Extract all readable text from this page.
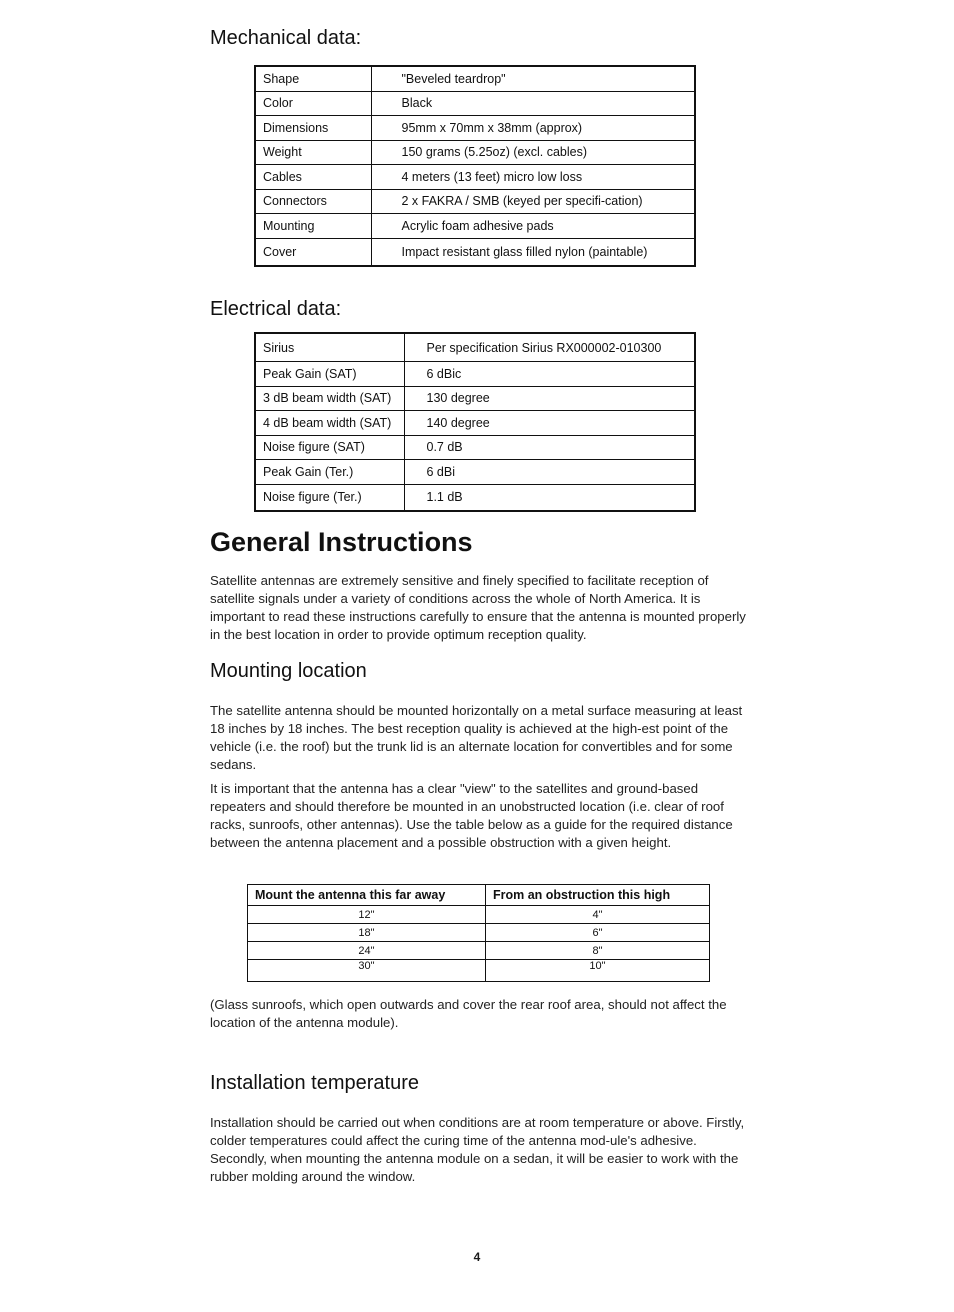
Mechanical data:
Shape	"Beveled teardrop"
Color	Black
Dimensions	95mm x 70mm x 38mm (approx)
Weight	150 grams (5.25oz) (excl. cables)
Cables	4 meters (13 feet) micro low loss
Connectors	2 x FAKRA / SMB (keyed per specifi-cation)
Mounting	Acrylic foam adhesive pads
Cover	Impact resistant glass filled nylon (paintable)
Electrical data:
Sirius	Per specification Sirius RX000002-010300
Peak Gain (SAT)	6 dBic
3 dB beam width (SAT)	130 degree
4 dB beam width (SAT)	140 degree
Noise figure (SAT)	0.7 dB
Peak Gain (Ter.)	6 dBi
Noise figure (Ter.)	1.1 dB
General Instructions

Satellite antennas are extremely sensitive and finely specified to facilitate reception of satellite signals under a variety of conditions across the whole of North America. It is important to read these instructions carefully to ensure that the antenna is mounted properly in the best location in order to provide optimum reception quality.

Mounting location

The satellite antenna should be mounted horizontally on a metal surface measuring at least 18 inches by 18 inches. The best reception quality is achieved at the high-est point of the vehicle (i.e. the roof) but the trunk lid is an alternate location for convertibles and for some sedans.

It is important that the antenna has a clear "view" to the satellites and ground-based repeaters and should therefore be mounted in an unobstructed location (i.e. clear of roof racks, sunroofs, other antennas). Use the table below as a guide for the required distance between the antenna placement and a possible obstruction with a given height.

Mount the antenna this far away	From an obstruction this high
12"	4"
18"	6"
24"	8"
30"	10"

(Glass sunroofs, which open outwards and cover the rear roof area, should not affect the location of the antenna module).

Installation temperature

Installation should be carried out when conditions are at room temperature or above. Firstly, colder temperatures could affect the curing time of the antenna mod-ule's adhesive. Secondly, when mounting the antenna module on a sedan, it will be easier to work with the rubber molding around the window.

4
